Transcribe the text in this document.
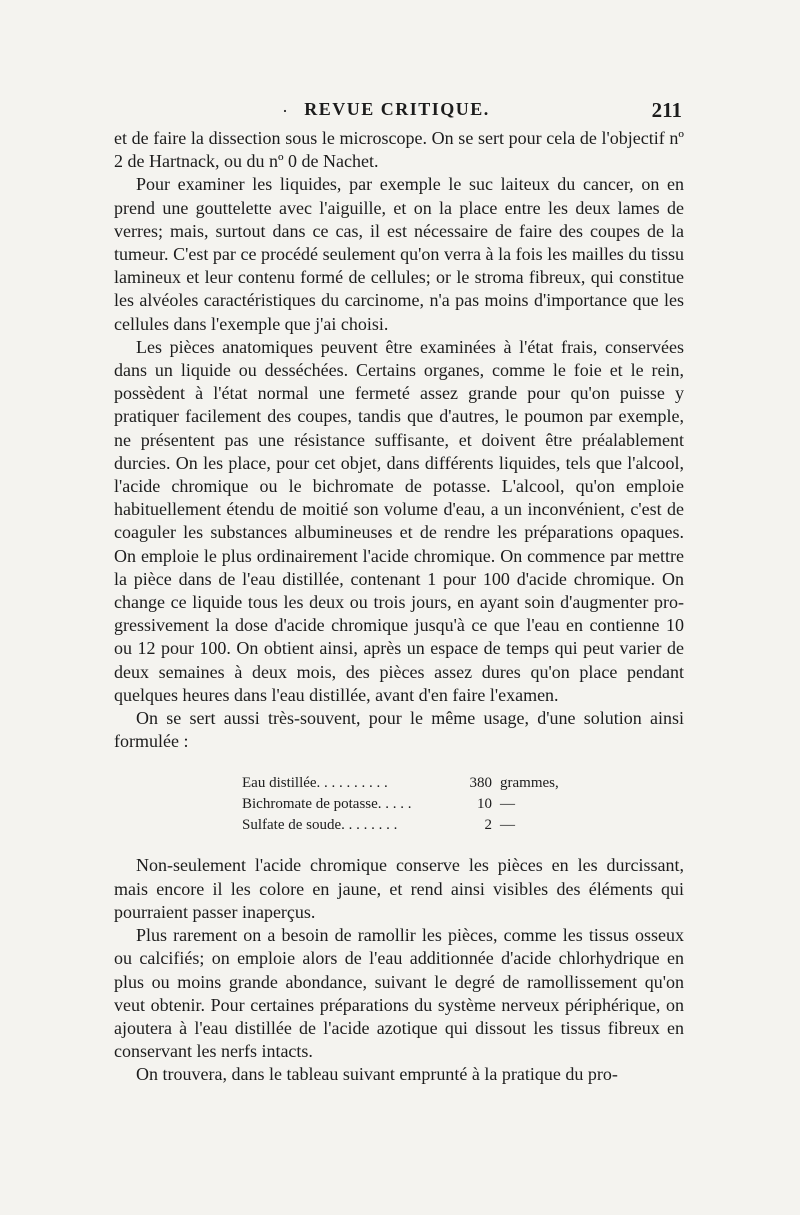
· REVUE CRITIQUE.	211

et de faire la dissection sous le microscope. On se sert pour cela de l'objectif nº 2 de Hartnack, ou du nº 0 de Nachet.

Pour examiner les liquides, par exemple le suc laiteux du cancer, on en prend une gouttelette avec l'aiguille, et on la place entre les deux lames de verres; mais, surtout dans ce cas, il est nécessaire de faire des coupes de la tumeur. C'est par ce procédé seulement qu'on verra à la fois les mailles du tissu lamineux et leur contenu formé de cellules; or le stroma fibreux, qui constitue les alvéoles caractéristiques du carcinome, n'a pas moins d'importance que les cellules dans l'exemple que j'ai choisi.

Les pièces anatomiques peuvent être examinées à l'état frais, conservées dans un liquide ou desséchées. Certains organes, comme le foie et le rein, possèdent à l'état normal une fermeté assez grande pour qu'on puisse y pratiquer facilement des coupes, tandis que d'autres, le poumon par exemple, ne présentent pas une résistance suffisante, et doivent être préalablement durcies. On les place, pour cet objet, dans différents liquides, tels que l'alcool, l'acide chromique ou le bichromate de potasse. L'alcool, qu'on emploie habituellement étendu de moitié son volume d'eau, a un inconvénient, c'est de coaguler les substances albumineuses et de rendre les préparations opaques. On emploie le plus ordinairement l'acide chromique. On commence par mettre la pièce dans de l'eau distillée, contenant 1 pour 100 d'acide chromique. On change ce liquide tous les deux ou trois jours, en ayant soin d'augmenter progressivement la dose d'acide chromique jusqu'à ce que l'eau en contienne 10 ou 12 pour 100. On obtient ainsi, après un espace de temps qui peut varier de deux semaines à deux mois, des pièces assez dures qu'on place pendant quelques heures dans l'eau distillée, avant d'en faire l'examen.

On se sert aussi très-souvent, pour le même usage, d'une solution ainsi formulée :

Eau distillée. . . . . . . . . .	380 grammes,
Bichromate de potasse. . . . .	10 —
Sulfate de soude. . . . . . . .	2 —

Non-seulement l'acide chromique conserve les pièces en les durcissant, mais encore il les colore en jaune, et rend ainsi visibles des éléments qui pourraient passer inaperçus.

Plus rarement on a besoin de ramollir les pièces, comme les tissus osseux ou calcifiés; on emploie alors de l'eau additionnée d'acide chlorhydrique en plus ou moins grande abondance, suivant le degré de ramollissement qu'on veut obtenir. Pour certaines préparations du système nerveux périphérique, on ajoutera à l'eau distillée de l'acide azotique qui dissout les tissus fibreux en conservant les nerfs intacts.

On trouvera, dans le tableau suivant emprunté à la pratique du pro-
